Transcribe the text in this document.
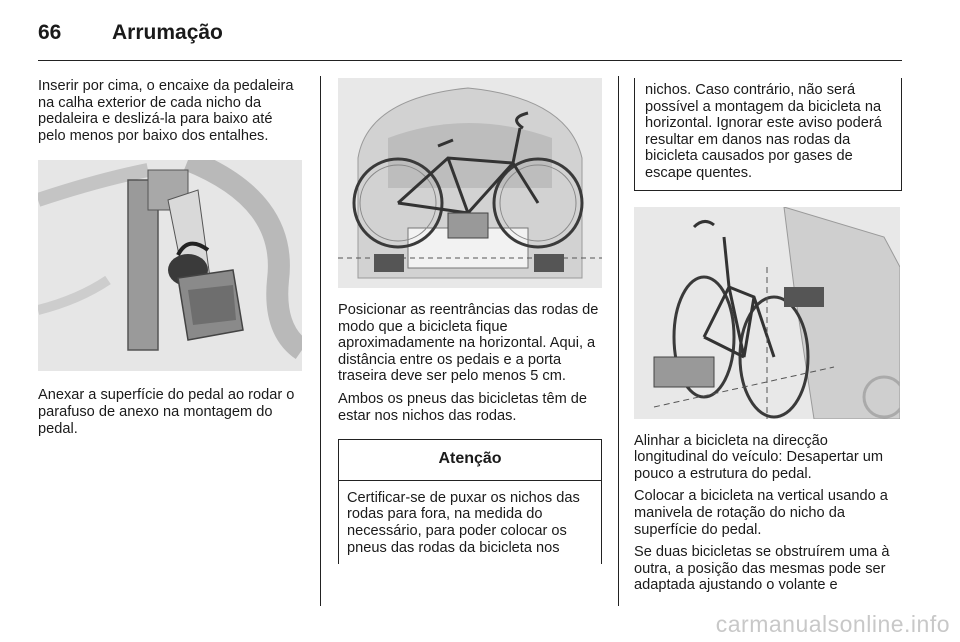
66	Arrumação

Inserir por cima, o encaixe da pedaleira na calha exterior de cada nicho da pedaleira e deslizá-la para baixo até pelo menos por baixo dos entalhes.

Anexar a superfície do pedal ao rodar o parafuso de anexo na montagem do pedal.

Posicionar as reentrâncias das rodas de modo que a bicicleta fique aproximadamente na horizontal. Aqui, a distância entre os pedais e a porta traseira deve ser pelo menos 5 cm.

Ambos os pneus das bicicletas têm de estar nos nichos das rodas.

Atenção
Certificar-se de puxar os nichos das rodas para fora, na medida do necessário, para poder colocar os pneus das rodas da bicicleta nos
nichos. Caso contrário, não será possível a montagem da bicicleta na horizontal. Ignorar este aviso poderá resultar em danos nas rodas da bicicleta causados por gases de escape quentes.

Alinhar a bicicleta na direcção longitudinal do veículo: Desapertar um pouco a estrutura do pedal.

Colocar a bicicleta na vertical usando a manivela de rotação do nicho da superfície do pedal.

Se duas bicicletas se obstruírem uma à outra, a posição das mesmas pode ser adaptada ajustando o volante e

carmanualsonline.info
